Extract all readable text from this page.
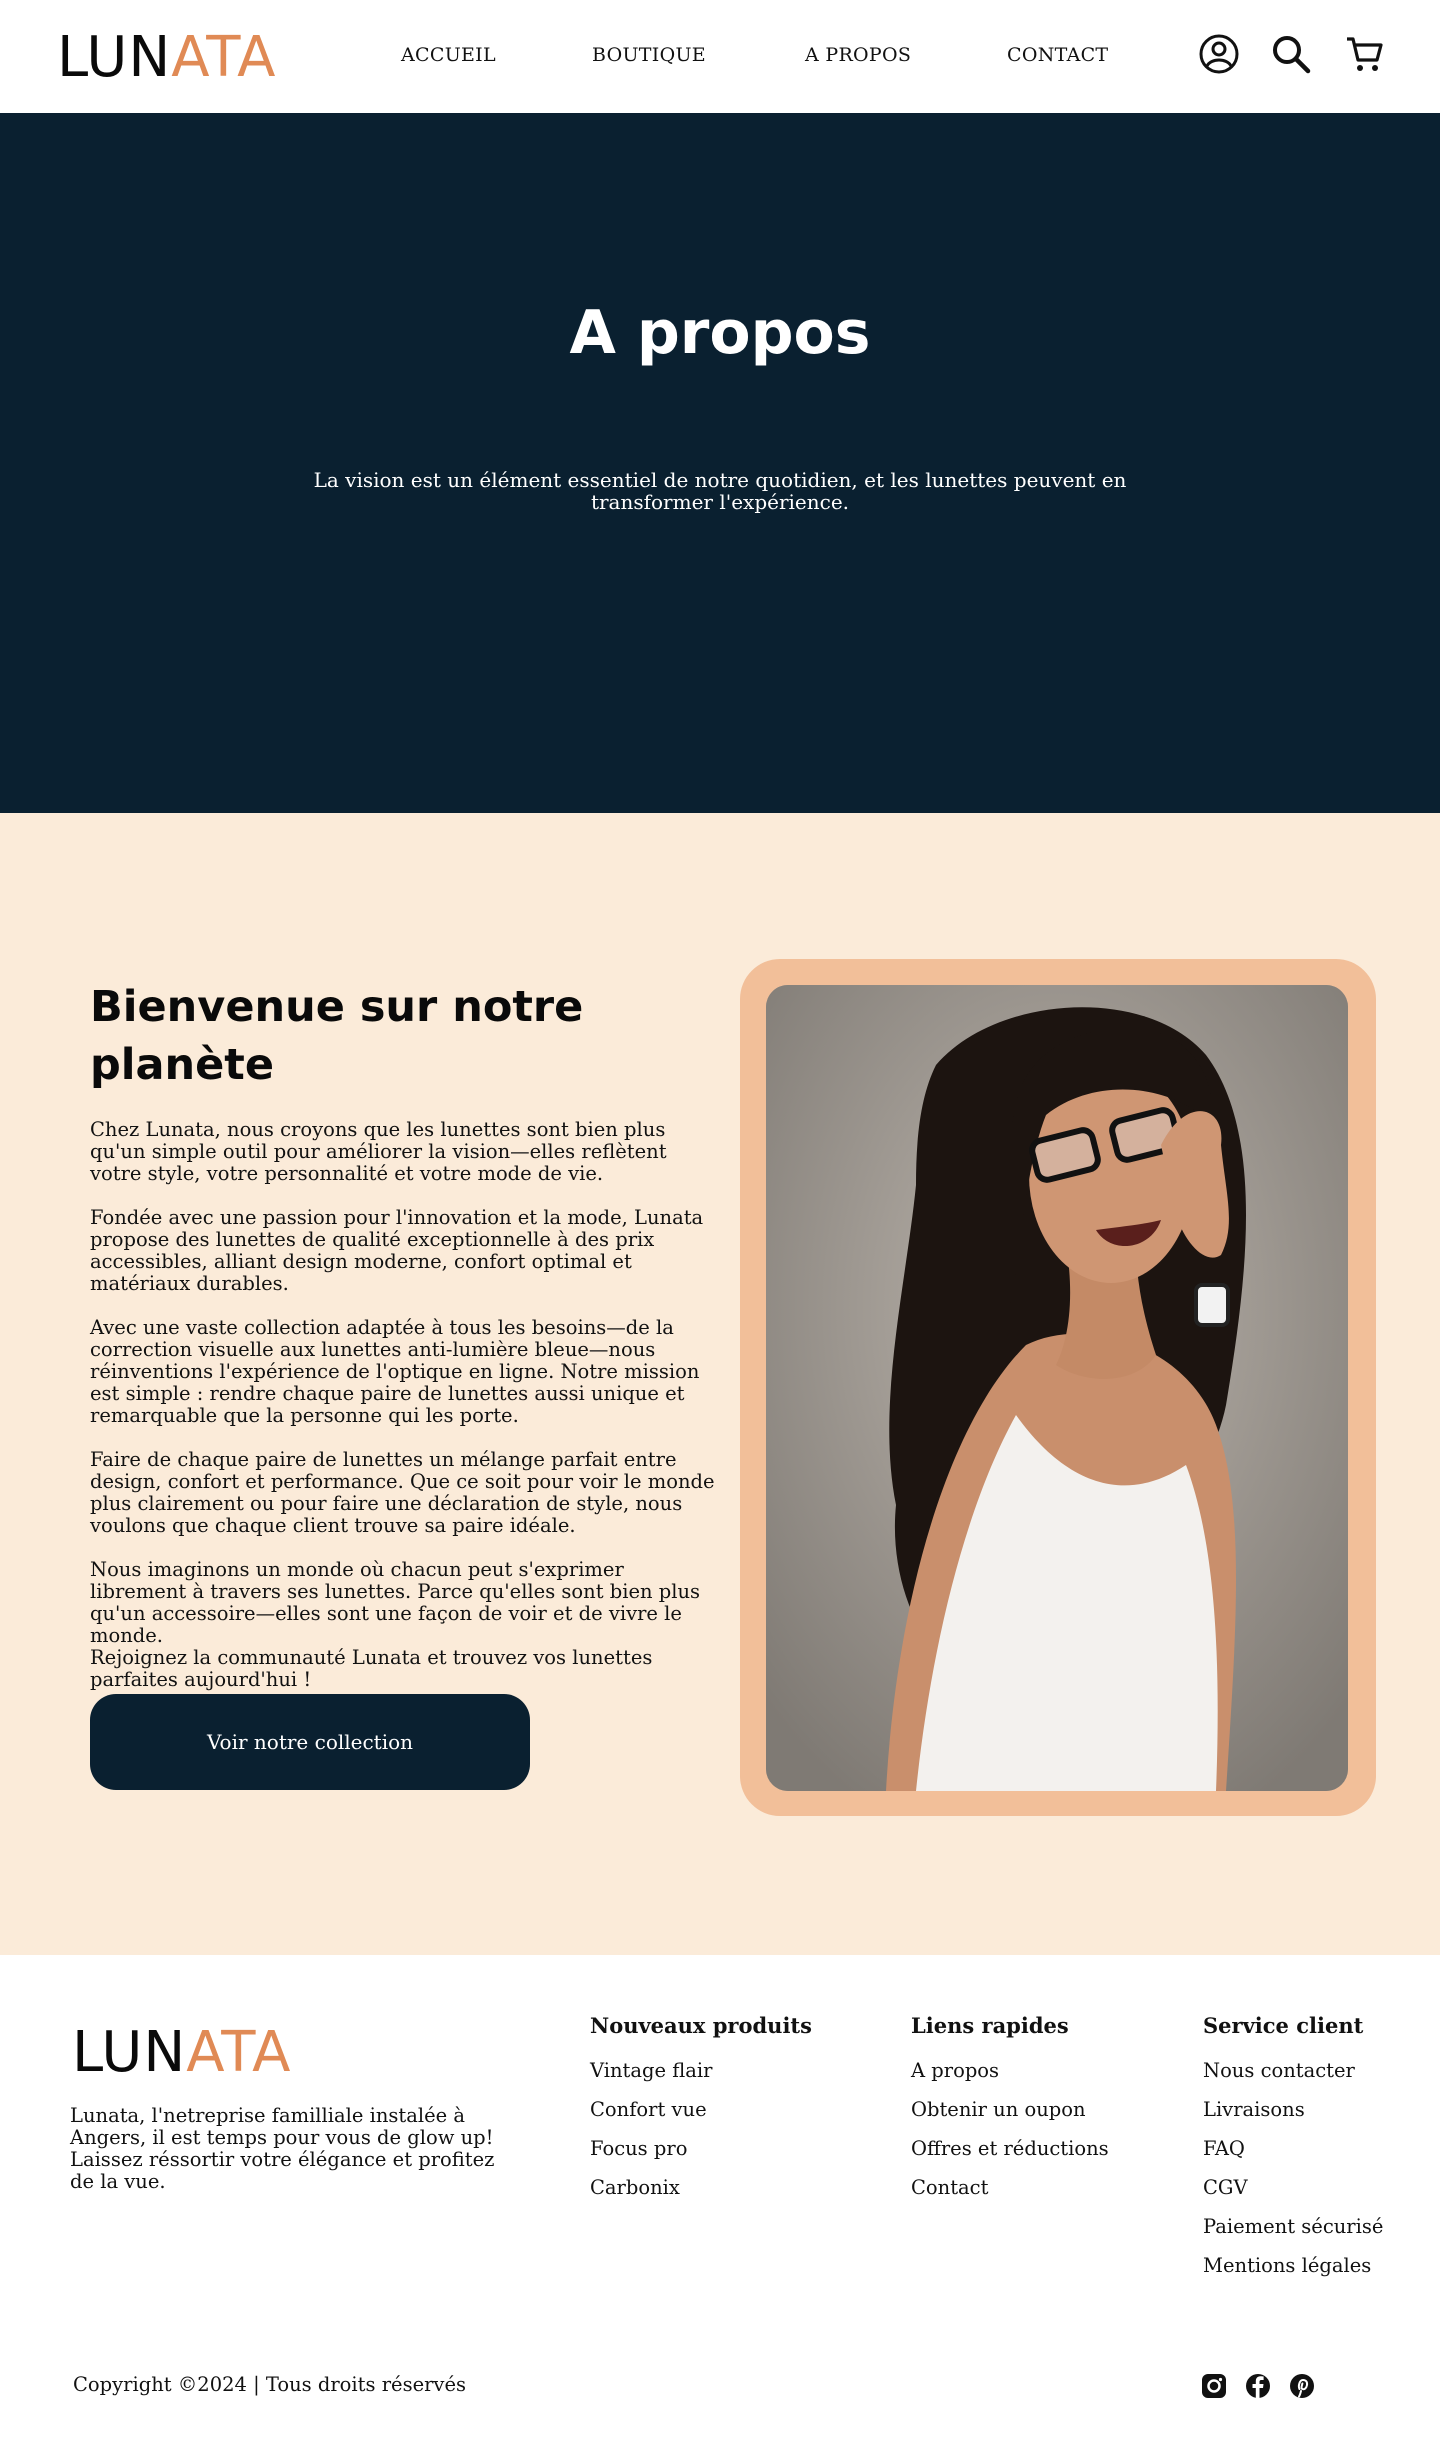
LUNATA	ACCUEIL	BOUTIQUE	A PROPOS	CONTACT
A propos

La vision est un élément essentiel de notre quotidien, et les lunettes peuvent en transformer l'expérience.

Bienvenue sur notre planète

Chez Lunata, nous croyons que les lunettes sont bien plus qu'un simple outil pour améliorer la vision—elles reflètent votre style, votre personnalité et votre mode de vie.

Fondée avec une passion pour l'innovation et la mode, Lunata propose des lunettes de qualité exceptionnelle à des prix accessibles, alliant design moderne, confort optimal et matériaux durables.

Avec une vaste collection adaptée à tous les besoins—de la correction visuelle aux lunettes anti-lumière bleue—nous réinventions l'expérience de l'optique en ligne. Notre mission est simple : rendre chaque paire de lunettes aussi unique et remarquable que la personne qui les porte.

Faire de chaque paire de lunettes un mélange parfait entre design, confort et performance. Que ce soit pour voir le monde plus clairement ou pour faire une déclaration de style, nous voulons que chaque client trouve sa paire idéale.

Nous imaginons un monde où chacun peut s'exprimer librement à travers ses lunettes. Parce qu'elles sont bien plus qu'un accessoire—elles sont une façon de voir et de vivre le monde.

Rejoignez la communauté Lunata et trouvez vos lunettes parfaites aujourd'hui !

Voir notre collection
LUNATA

Lunata, l'netreprise familliale instalée à Angers, il est temps pour vous de glow up! Laissez réssortir votre élégance et profitez de la vue.

Nouveaux produits
Vintage flair
Confort vue
Focus pro
Carbonix
Liens rapides
A propos
Obtenir un oupon
Offres et réductions
Contact
Service client
Nous contacter
Livraisons
FAQ
CGV
Paiement sécurisé
Mentions légales

Copyright ©2024 | Tous droits réservés
